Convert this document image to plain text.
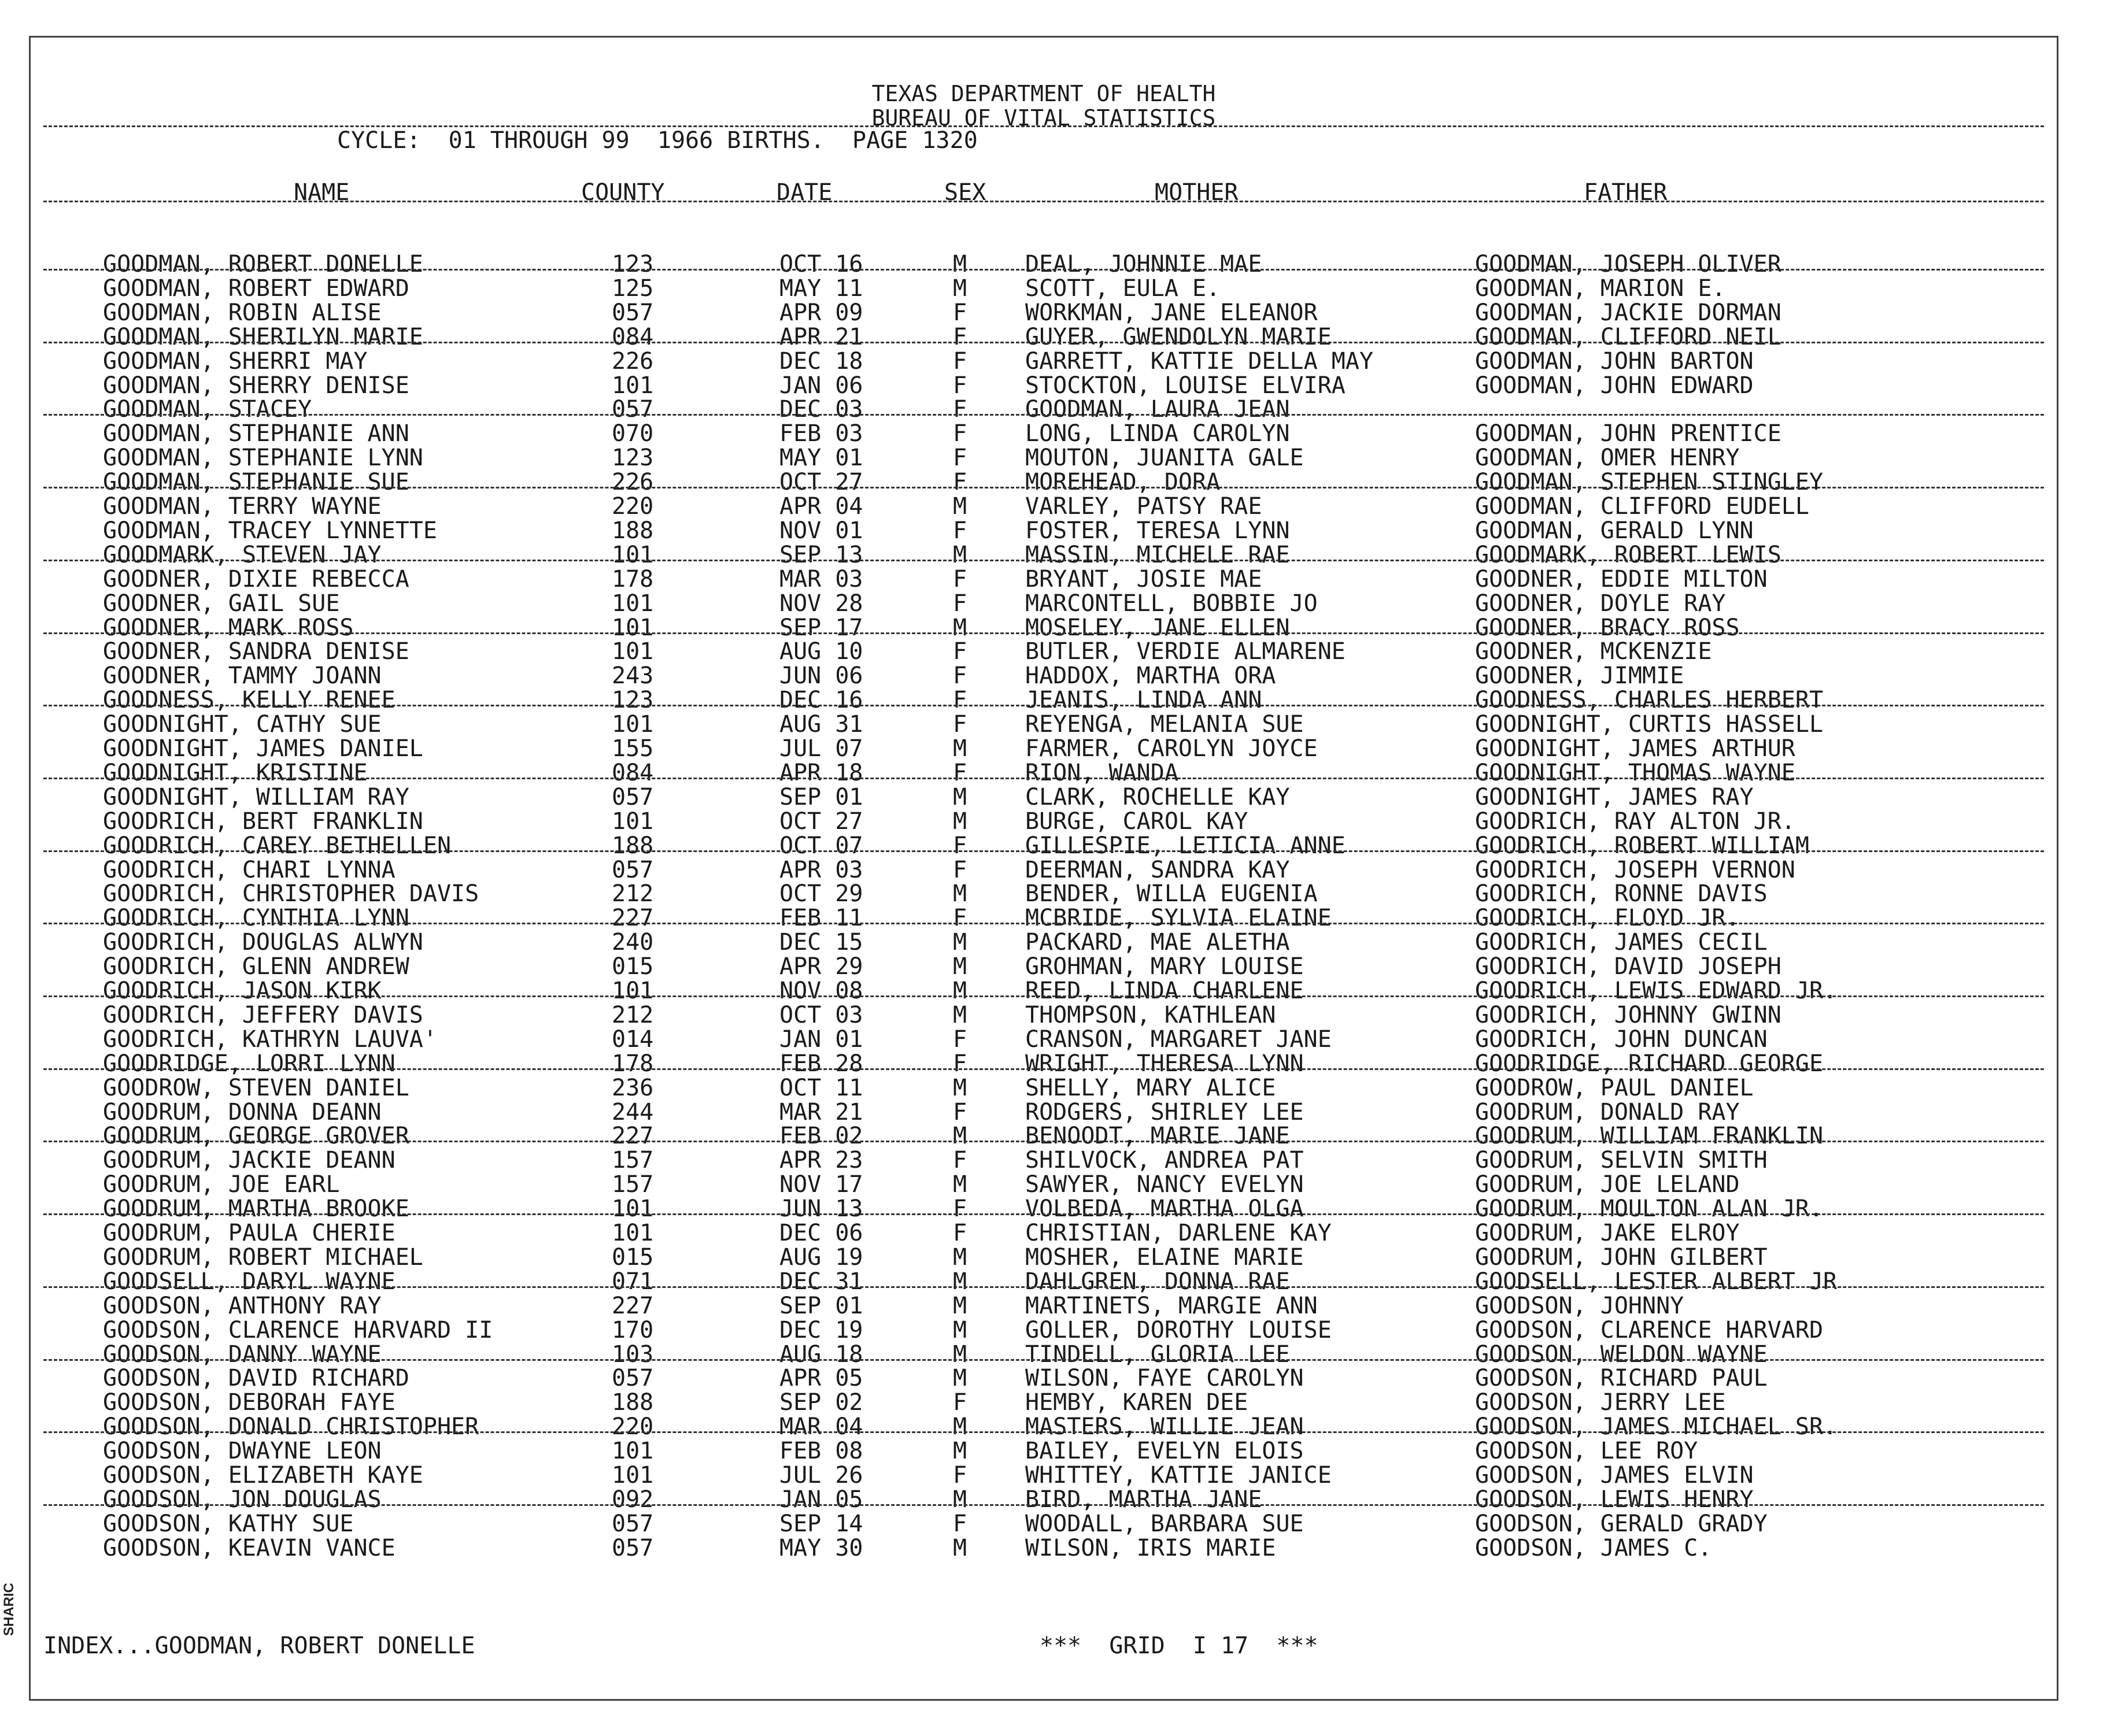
TEXAS DEPARTMENT OF HEALTH
BUREAU OF VITAL STATISTICS
CYCLE:  01 THROUGH 99  1966 BIRTHS.  PAGE 1320
NAME	COUNTY	DATE	SEX	MOTHER	FATHER
GOODMAN, ROBERT DONELLE	123	OCT 16	M	DEAL, JOHNNIE MAE	GOODMAN, JOSEPH OLIVER
GOODMAN, ROBERT EDWARD	125	MAY 11	M	SCOTT, EULA E.	GOODMAN, MARION E.
GOODMAN, ROBIN ALISE	057	APR 09	F	WORKMAN, JANE ELEANOR	GOODMAN, JACKIE DORMAN
GOODMAN, SHERILYN MARIE	084	APR 21	F	GUYER, GWENDOLYN MARIE	GOODMAN, CLIFFORD NEIL
GOODMAN, SHERRI MAY	226	DEC 18	F	GARRETT, KATTIE DELLA MAY	GOODMAN, JOHN BARTON
GOODMAN, SHERRY DENISE	101	JAN 06	F	STOCKTON, LOUISE ELVIRA	GOODMAN, JOHN EDWARD
GOODMAN, STACEY	057	DEC 03	F	GOODMAN, LAURA JEAN
GOODMAN, STEPHANIE ANN	070	FEB 03	F	LONG, LINDA CAROLYN	GOODMAN, JOHN PRENTICE
GOODMAN, STEPHANIE LYNN	123	MAY 01	F	MOUTON, JUANITA GALE	GOODMAN, OMER HENRY
GOODMAN, STEPHANIE SUE	226	OCT 27	F	MOREHEAD, DORA	GOODMAN, STEPHEN STINGLEY
GOODMAN, TERRY WAYNE	220	APR 04	M	VARLEY, PATSY RAE	GOODMAN, CLIFFORD EUDELL
GOODMAN, TRACEY LYNNETTE	188	NOV 01	F	FOSTER, TERESA LYNN	GOODMAN, GERALD LYNN
GOODMARK, STEVEN JAY	101	SEP 13	M	MASSIN, MICHELE RAE	GOODMARK, ROBERT LEWIS
GOODNER, DIXIE REBECCA	178	MAR 03	F	BRYANT, JOSIE MAE	GOODNER, EDDIE MILTON
GOODNER, GAIL SUE	101	NOV 28	F	MARCONTELL, BOBBIE JO	GOODNER, DOYLE RAY
GOODNER, MARK ROSS	101	SEP 17	M	MOSELEY, JANE ELLEN	GOODNER, BRACY ROSS
GOODNER, SANDRA DENISE	101	AUG 10	F	BUTLER, VERDIE ALMARENE	GOODNER, MCKENZIE
GOODNER, TAMMY JOANN	243	JUN 06	F	HADDOX, MARTHA ORA	GOODNER, JIMMIE
GOODNESS, KELLY RENEE	123	DEC 16	F	JEANIS, LINDA ANN	GOODNESS, CHARLES HERBERT
GOODNIGHT, CATHY SUE	101	AUG 31	F	REYENGA, MELANIA SUE	GOODNIGHT, CURTIS HASSELL
GOODNIGHT, JAMES DANIEL	155	JUL 07	M	FARMER, CAROLYN JOYCE	GOODNIGHT, JAMES ARTHUR
GOODNIGHT, KRISTINE	084	APR 18	F	RION, WANDA	GOODNIGHT, THOMAS WAYNE
GOODNIGHT, WILLIAM RAY	057	SEP 01	M	CLARK, ROCHELLE KAY	GOODNIGHT, JAMES RAY
GOODRICH, BERT FRANKLIN	101	OCT 27	M	BURGE, CAROL KAY	GOODRICH, RAY ALTON JR.
GOODRICH, CAREY BETHELLEN	188	OCT 07	F	GILLESPIE, LETICIA ANNE	GOODRICH, ROBERT WILLIAM
GOODRICH, CHARI LYNNA	057	APR 03	F	DEERMAN, SANDRA KAY	GOODRICH, JOSEPH VERNON
GOODRICH, CHRISTOPHER DAVIS	212	OCT 29	M	BENDER, WILLA EUGENIA	GOODRICH, RONNE DAVIS
GOODRICH, CYNTHIA LYNN	227	FEB 11	F	MCBRIDE, SYLVIA ELAINE	GOODRICH, FLOYD JR.
GOODRICH, DOUGLAS ALWYN	240	DEC 15	M	PACKARD, MAE ALETHA	GOODRICH, JAMES CECIL
GOODRICH, GLENN ANDREW	015	APR 29	M	GROHMAN, MARY LOUISE	GOODRICH, DAVID JOSEPH
GOODRICH, JASON KIRK	101	NOV 08	M	REED, LINDA CHARLENE	GOODRICH, LEWIS EDWARD JR.
GOODRICH, JEFFERY DAVIS	212	OCT 03	M	THOMPSON, KATHLEAN	GOODRICH, JOHNNY GWINN
GOODRICH, KATHRYN LAUVA'	014	JAN 01	F	CRANSON, MARGARET JANE	GOODRICH, JOHN DUNCAN
GOODRIDGE, LORRI LYNN	178	FEB 28	F	WRIGHT, THERESA LYNN	GOODRIDGE, RICHARD GEORGE
GOODROW, STEVEN DANIEL	236	OCT 11	M	SHELLY, MARY ALICE	GOODROW, PAUL DANIEL
GOODRUM, DONNA DEANN	244	MAR 21	F	RODGERS, SHIRLEY LEE	GOODRUM, DONALD RAY
GOODRUM, GEORGE GROVER	227	FEB 02	M	BENOODT, MARIE JANE	GOODRUM, WILLIAM FRANKLIN
GOODRUM, JACKIE DEANN	157	APR 23	F	SHILVOCK, ANDREA PAT	GOODRUM, SELVIN SMITH
GOODRUM, JOE EARL	157	NOV 17	M	SAWYER, NANCY EVELYN	GOODRUM, JOE LELAND
GOODRUM, MARTHA BROOKE	101	JUN 13	F	VOLBEDA, MARTHA OLGA	GOODRUM, MOULTON ALAN JR.
GOODRUM, PAULA CHERIE	101	DEC 06	F	CHRISTIAN, DARLENE KAY	GOODRUM, JAKE ELROY
GOODRUM, ROBERT MICHAEL	015	AUG 19	M	MOSHER, ELAINE MARIE	GOODRUM, JOHN GILBERT
GOODSELL, DARYL WAYNE	071	DEC 31	M	DAHLGREN, DONNA RAE	GOODSELL, LESTER ALBERT JR
GOODSON, ANTHONY RAY	227	SEP 01	M	MARTINETS, MARGIE ANN	GOODSON, JOHNNY
GOODSON, CLARENCE HARVARD II	170	DEC 19	M	GOLLER, DOROTHY LOUISE	GOODSON, CLARENCE HARVARD
GOODSON, DANNY WAYNE	103	AUG 18	M	TINDELL, GLORIA LEE	GOODSON, WELDON WAYNE
GOODSON, DAVID RICHARD	057	APR 05	M	WILSON, FAYE CAROLYN	GOODSON, RICHARD PAUL
GOODSON, DEBORAH FAYE	188	SEP 02	F	HEMBY, KAREN DEE	GOODSON, JERRY LEE
GOODSON, DONALD CHRISTOPHER	220	MAR 04	M	MASTERS, WILLIE JEAN	GOODSON, JAMES MICHAEL SR.
GOODSON, DWAYNE LEON	101	FEB 08	M	BAILEY, EVELYN ELOIS	GOODSON, LEE ROY
GOODSON, ELIZABETH KAYE	101	JUL 26	F	WHITTEY, KATTIE JANICE	GOODSON, JAMES ELVIN
GOODSON, JON DOUGLAS	092	JAN 05	M	BIRD, MARTHA JANE	GOODSON, LEWIS HENRY
GOODSON, KATHY SUE	057	SEP 14	F	WOODALL, BARBARA SUE	GOODSON, GERALD GRADY
GOODSON, KEAVIN VANCE	057	MAY 30	M	WILSON, IRIS MARIE	GOODSON, JAMES C.
INDEX...GOODMAN, ROBERT DONELLE	***  GRID  I 17  ***
SHARIC
